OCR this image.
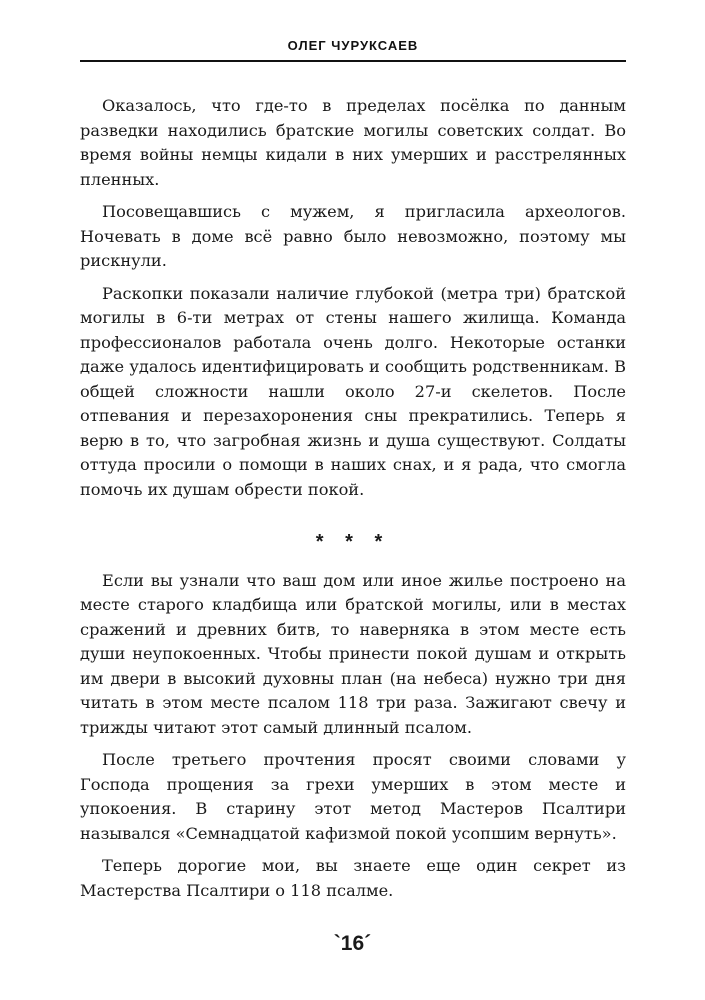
ОЛЕГ ЧУРУКСАЕВ

Оказалось, что где-то в пределах посёлка по данным разведки находились братские могилы советских солдат. Во время войны немцы кидали в них умерших и расстрелянных пленных.

Посовещавшись с мужем, я пригласила археологов. Ночевать в доме всё равно было невозможно, поэтому мы рискнули.

Раскопки показали наличие глубокой (метра три) братской могилы в 6-ти метрах от стены нашего жилища. Команда профессионалов работала очень долго. Некоторые останки даже удалось идентифицировать и сообщить родственникам. В общей сложности нашли около 27-и скелетов. После отпевания и перезахоронения сны прекратились. Теперь я верю в то, что загробная жизнь и душа существуют. Солдаты оттуда просили о помощи в наших снах, и я рада, что смогла помочь их душам обрести покой.

* * *

Если вы узнали что ваш дом или иное жилье построено на месте старого кладбища или братской могилы, или в местах сражений и древних битв, то наверняка в этом месте есть души неупокоенных. Чтобы принести покой душам и открыть им двери в высокий духовны план (на небеса) нужно три дня читать в этом месте псалом 118 три раза. Зажигают свечу и трижды читают этот самый длинный псалом.

После третьего прочтения просят своими словами у Господа прощения за грехи умерших в этом месте и упокоения. В старину этот метод Мастеров Псалтири назывался «Семнадцатой кафизмой покой усопшим вернуть».

Теперь дорогие мои, вы знаете еще один секрет из Мастерства Псалтири о 118 псалме.

`16´
